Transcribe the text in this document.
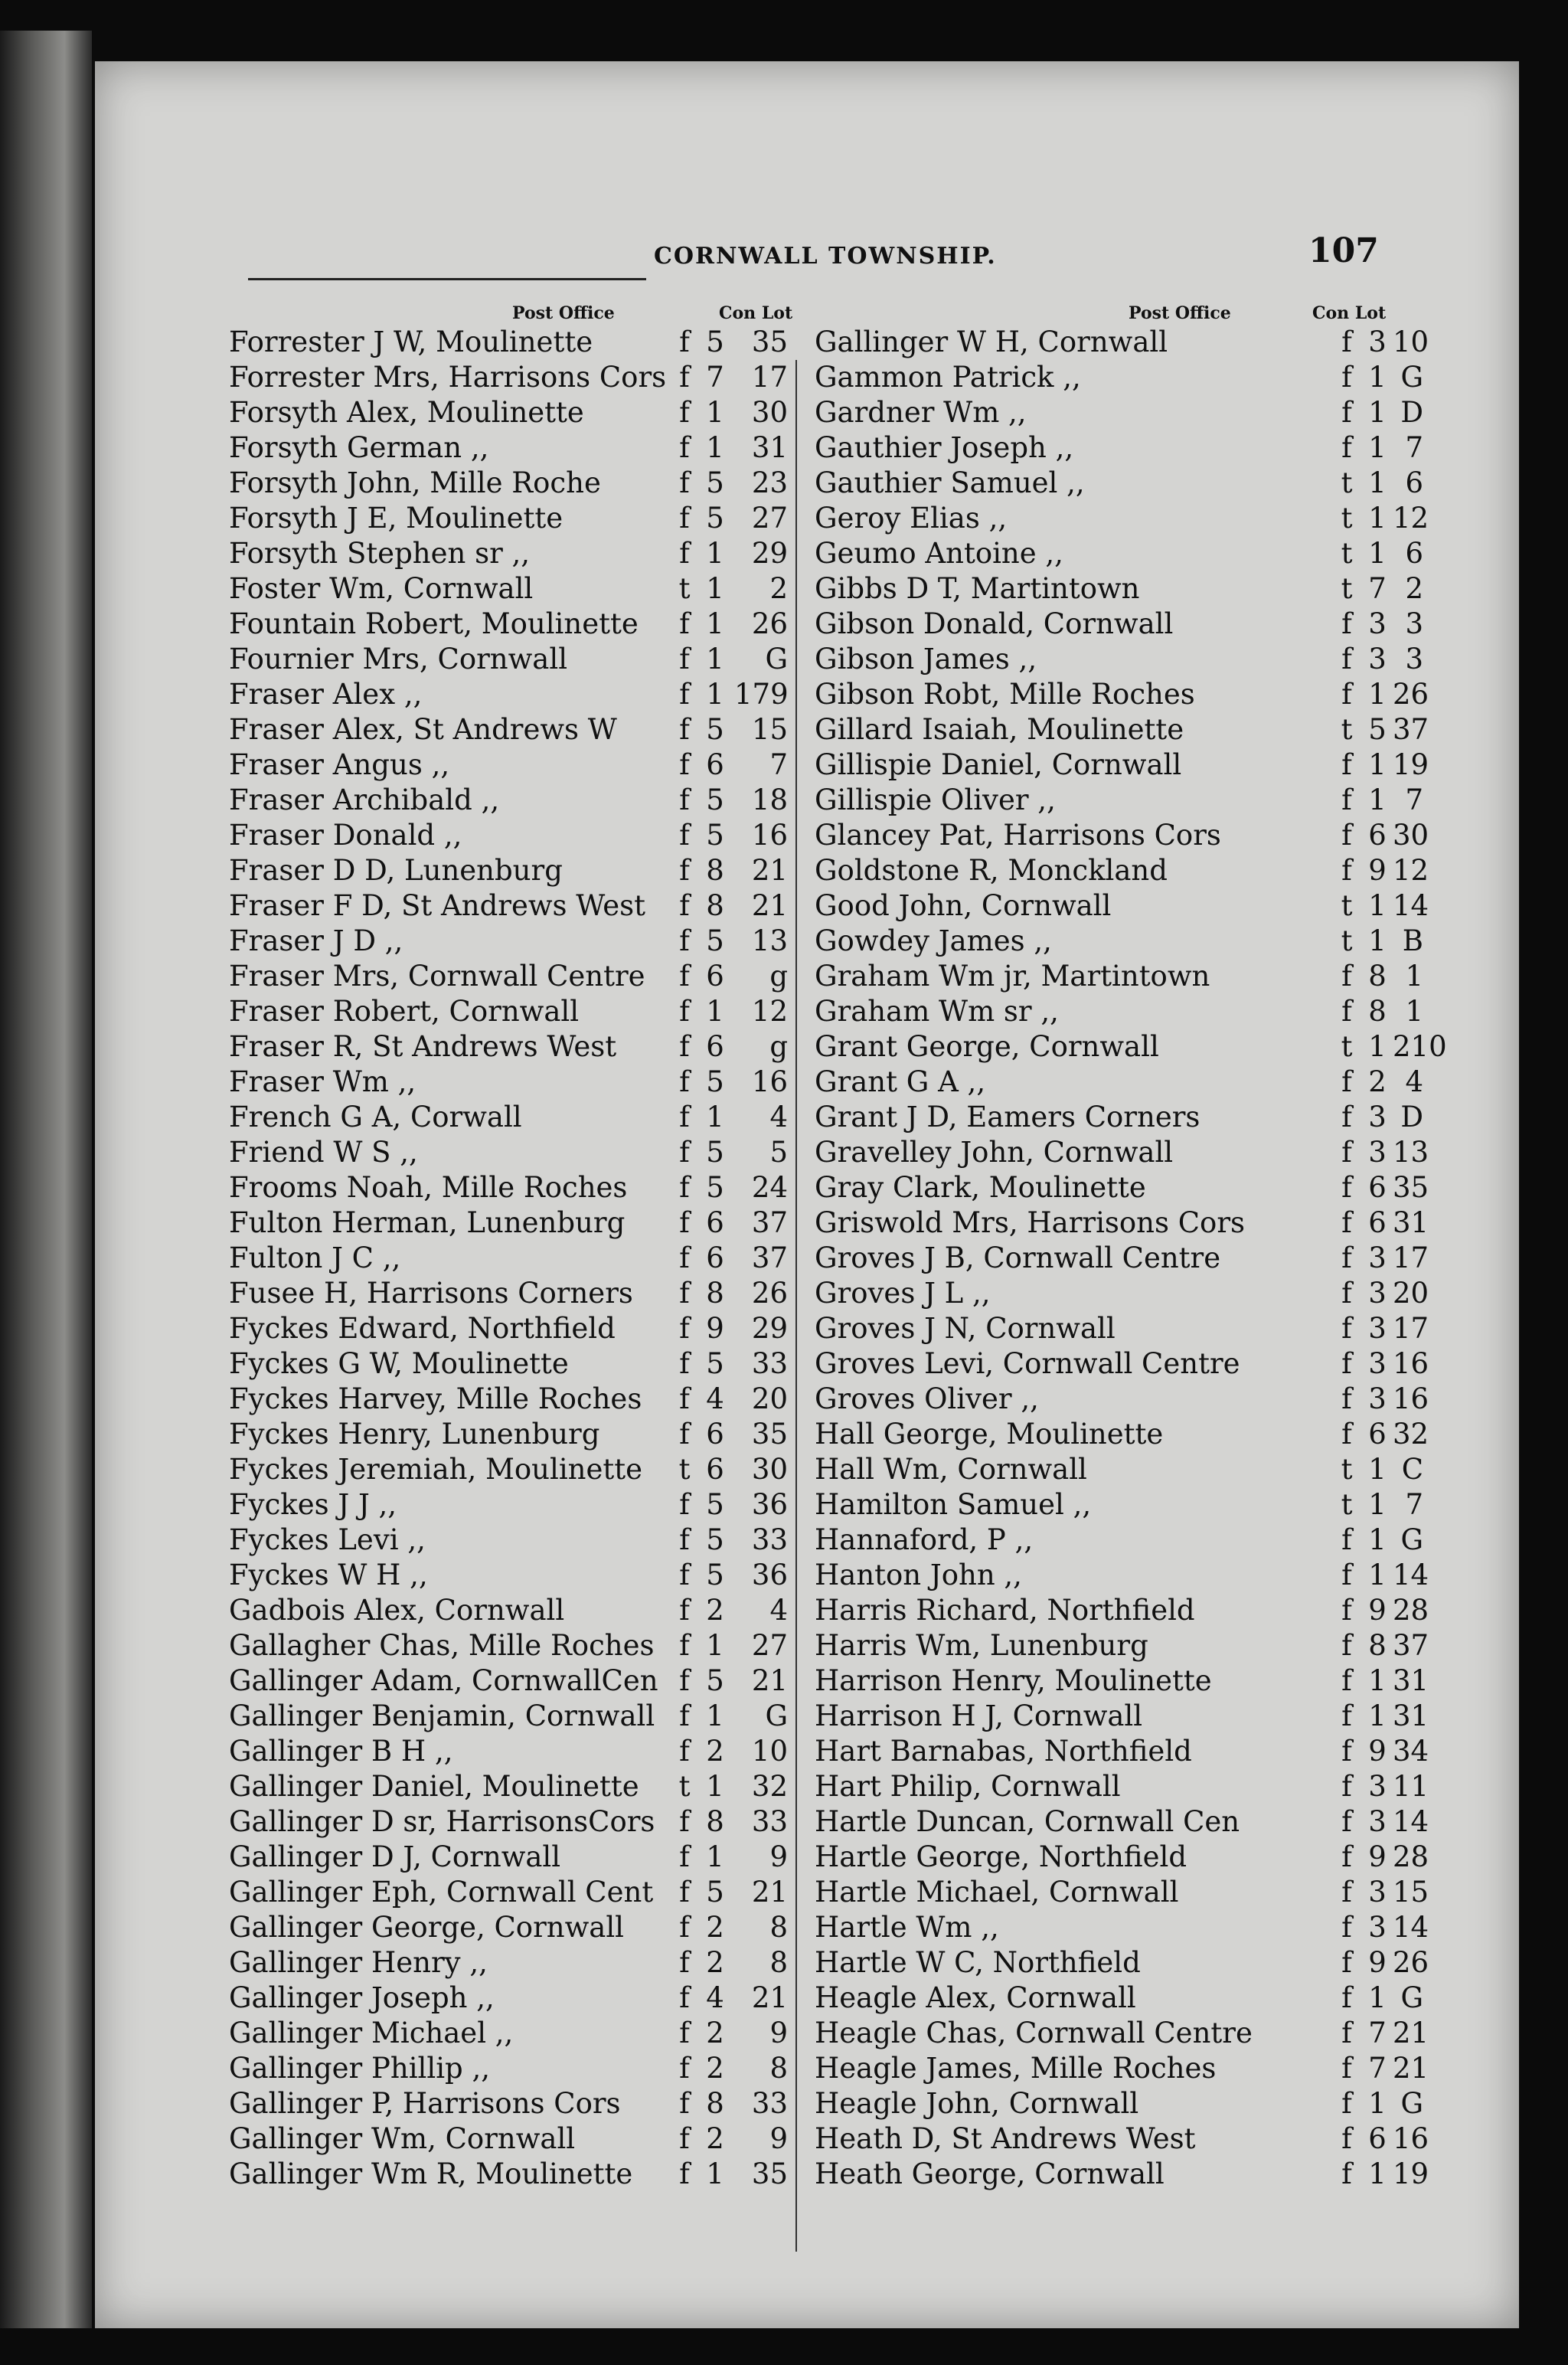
CORNWALL TOWNSHIP.	107
Post Office	Con Lot
Forrester J W, Moulinette	f 5 35
Forrester Mrs, Harrisons Cors f 7 17
Forsyth Alex, Moulinette	f 1 30
Forsyth German ,,	f 1 31
Forsyth John, Mille Roche	f 5 23
Forsyth J E, Moulinette	f 5 27
Forsyth Stephen sr ,,	f 1 29
Foster Wm, Cornwall	t 1	2
Fountain Robert, Moulinette f 1 26
Fournier Mrs, Cornwall	f 1	G
Fraser Alex ,,	f 1 179
Fraser Alex, St Andrews W f 5 15
Fraser Angus ,,	f 6	7
Fraser Archibald ,,	f 5 18
Fraser Donald ,,	f 5 16
Fraser D D, Lunenburg	f 8 21
Fraser F D, St Andrews West f 8 21
Fraser J D ,,	f 5 13
Fraser Mrs, Cornwall Centre f 6	g
Fraser Robert, Cornwall	f 1 12
Fraser R, St Andrews West f 6	g
Fraser Wm ,,	f 5 16
French G A, Corwall	f 1	4
Friend W S ,,	f 5	5
Frooms Noah, Mille Roches f 5 24
Fulton Herman, Lunenburg f 6 37
Fulton J C ,,	f 6 37
Fusee H, Harrisons Corners f 8 26
Fyckes Edward, Northfield f 9 29
Fyckes G W, Moulinette	f 5 33
Fyckes Harvey, Mille Roches f 4 20
Fyckes Henry, Lunenburg	f 6 35
Fyckes Jeremiah, Moulinette t 6 30
Fyckes J J ,,	f 5 36
Fyckes Levi ,,	f 5 33
Fyckes W H ,,	f 5 36
Gadbois Alex, Cornwall	f 2	4
Gallagher Chas, Mille Roches f 1 27
Gallinger Adam, CornwallCen f 5 21
Gallinger Benjamin, Cornwall f 1	G
Gallinger B H ,,	f 2 10
Gallinger Daniel, Moulinette t 1 32
Gallinger D sr, HarrisonsCors f 8 33
Gallinger D J, Cornwall	f 1	9
Gallinger Eph, Cornwall Cent f 5 21
Gallinger George, Cornwall f 2	8
Gallinger Henry ,,	f 2	8
Gallinger Joseph ,,	f 4 21
Gallinger Michael ,,	f 2	9
Gallinger Phillip ,,	f 2	8
Gallinger P, Harrisons Cors f 8 33
Gallinger Wm, Cornwall	f 2	9
Gallinger Wm R, Moulinette f 1 35
Post Office	Con Lot
Gallinger W H, Cornwall	f 3 10
Gammon Patrick ,,	f 1 G
Gardner Wm ,,	f 1 D
Gauthier Joseph ,,	f 1 7
Gauthier Samuel ,,	t 1 6
Geroy Elias ,,	t 1 12
Geumo Antoine ,,	t 1 6
Gibbs D T, Martintown	t 7 2
Gibson Donald, Cornwall	f 3 3
Gibson James ,,	f 3 3
Gibson Robt, Mille Roches	f 1 26
Gillard Isaiah, Moulinette	t 5 37
Gillispie Daniel, Cornwall	f 1 19
Gillispie Oliver ,,	f 1 7
Glancey Pat, Harrisons Cors	f 6 30
Goldstone R, Monckland	f 9 12
Good John, Cornwall	t 1 14
Gowdey James ,,	t 1 B
Graham Wm jr, Martintown	f 8 1
Graham Wm sr ,,	f 8 1
Grant George, Cornwall	t 1 210
Grant G A ,,	f 2 4
Grant J D, Eamers Corners	f 3 D
Gravelley John, Cornwall	f 3 13
Gray Clark, Moulinette	f 6 35
Griswold Mrs, Harrisons Cors	f 6 31
Groves J B, Cornwall Centre	f 3 17
Groves J L ,,	f 3 20
Groves J N, Cornwall	f 3 17
Groves Levi, Cornwall Centre	f 3 16
Groves Oliver ,,	f 3 16
Hall George, Moulinette	f 6 32
Hall Wm, Cornwall	t 1 C
Hamilton Samuel ,,	t 1 7
Hannaford, P ,,	f 1 G
Hanton John ,,	f 1 14
Harris Richard, Northfield	f 9 28
Harris Wm, Lunenburg	f 8 37
Harrison Henry, Moulinette	f 1 31
Harrison H J, Cornwall	f 1 31
Hart Barnabas, Northfield	f 9 34
Hart Philip, Cornwall	f 3 11
Hartle Duncan, Cornwall Cen	f 3 14
Hartle George, Northfield	f 9 28
Hartle Michael, Cornwall	f 3 15
Hartle Wm ,,	f 3 14
Hartle W C, Northfield	f 9 26
Heagle Alex, Cornwall	f 1 G
Heagle Chas, Cornwall Centre	f 7 21
Heagle James, Mille Roches	f 7 21
Heagle John, Cornwall	f 1 G
Heath D, St Andrews West	f 6 16
Heath George, Cornwall	f 1 19
